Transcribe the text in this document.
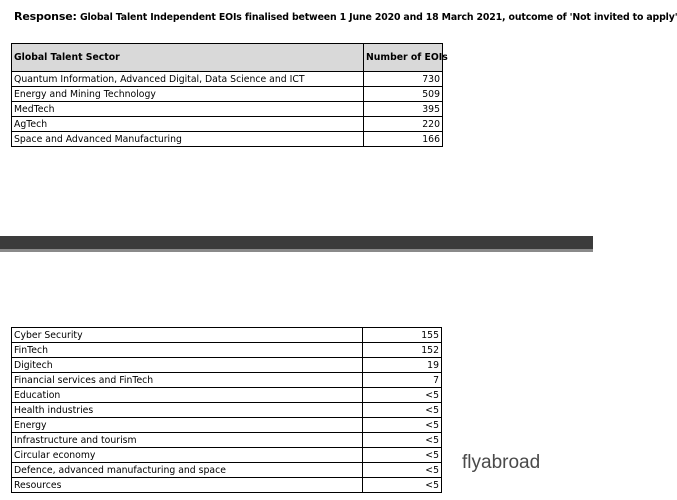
Response: Global Talent Independent EOIs finalised between 1 June 2020 and 18 March 2021, outcome of 'Not invited to apply'
Global Talent Sector	Number of EOIs
Quantum Information, Advanced Digital, Data Science and ICT	730
Energy and Mining Technology	509
MedTech	395
AgTech	220
Space and Advanced Manufacturing	166
Cyber Security	155
FinTech	152
Digitech	19
Financial services and FinTech	7
Education	<5
Health industries	<5
Energy	<5
Infrastructure and tourism	<5
Circular economy	<5
Defence, advanced manufacturing and space	<5
Resources	<5
flyabroad
